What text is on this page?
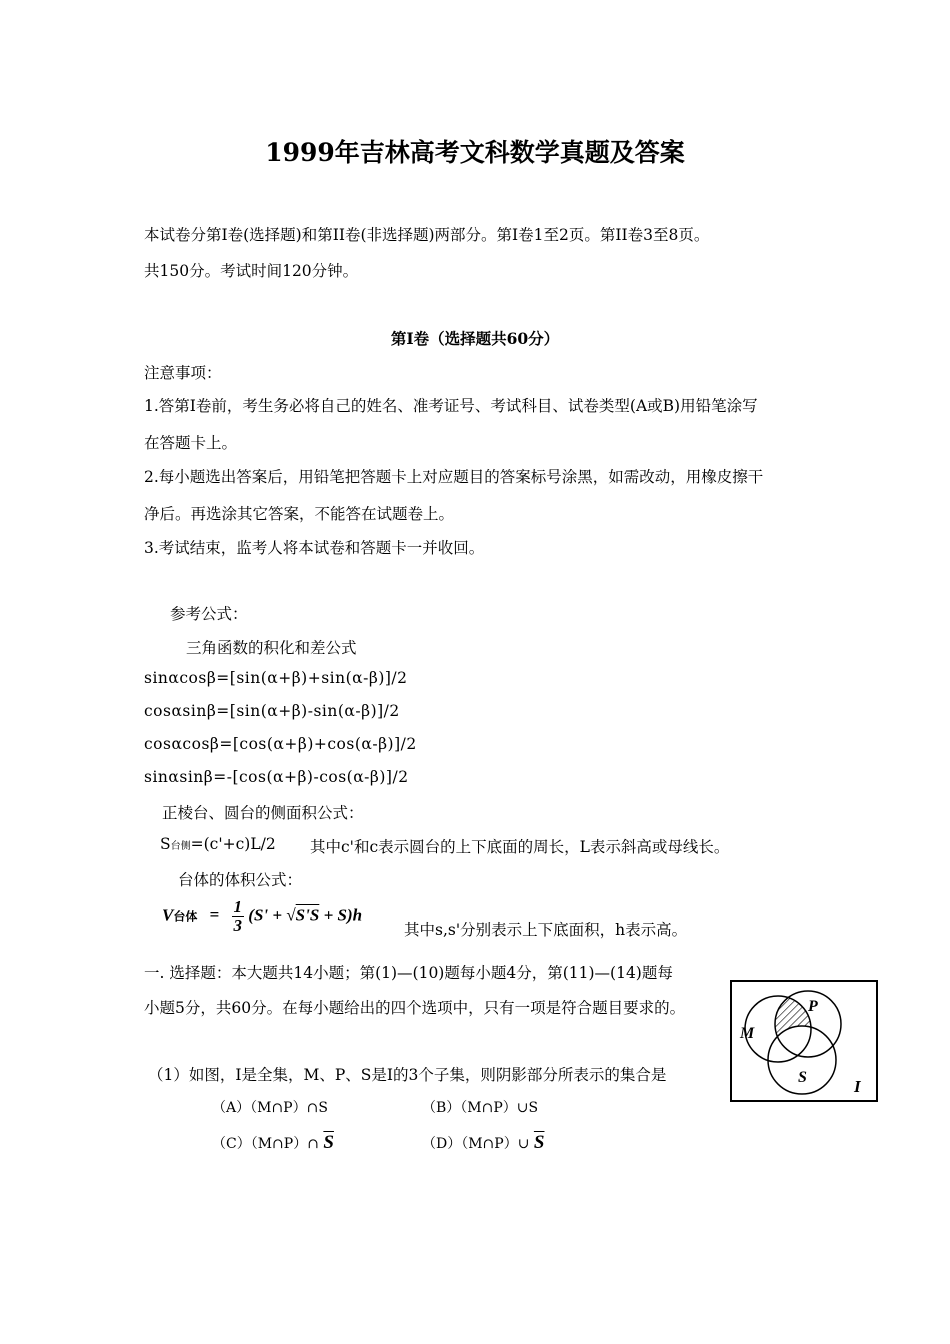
1999年吉林高考文科数学真题及答案
本试卷分第Ⅰ卷(选择题)和第II卷(非选择题)两部分。第Ⅰ卷1至2页。第II卷3至8页。
共150分。考试时间120分钟。
第Ⅰ卷（选择题共60分）
注意事项：
1.答第Ⅰ卷前，考生务必将自己的姓名、准考证号、考试科目、试卷类型(A或B)用铅笔涂写
在答题卡上。
2.每小题选出答案后，用铅笔把答题卡上对应题目的答案标号涂黑，如需改动，用橡皮擦干
净后。再选涂其它答案，不能答在试题卷上。
3.考试结束，监考人将本试卷和答题卡一并收回。
参考公式：
三角函数的积化和差公式
sinαcosβ=[sin(α+β)+sin(α-β)]/2
cosαsinβ=[sin(α+β)-sin(α-β)]/2
cosαcosβ=[cos(α+β)+cos(α-β)]/2
sinαsinβ=-[cos(α+β)-cos(α-β)]/2
正棱台、圆台的侧面积公式：
S台侧=(c'+c)L/2 其中c'和c表示圆台的上下底面的周长，L表示斜高或母线长。
台体的体积公式：
V台体 = $\frac{1}{3} (S' + √S'S + S)h$
其中s,s'分别表示上下底面积，h表示高。
一. 选择题：本大题共14小题；第(1)—(10)题每小题4分，第(11)—(14)题每
小题5分，共60分。在每小题给出的四个选项中，只有一项是符合题目要求的。
（1）如图，I是全集，M、P、S是I的3个子集，则阴影部分所表示的集合是
（A）（M∩P）∩S	（B）（M∩P）∪S
（C）（M∩P）∩ $\overline{S}$	（D）（M∩P）∪ $\overline{S}$
M
P
S	I
